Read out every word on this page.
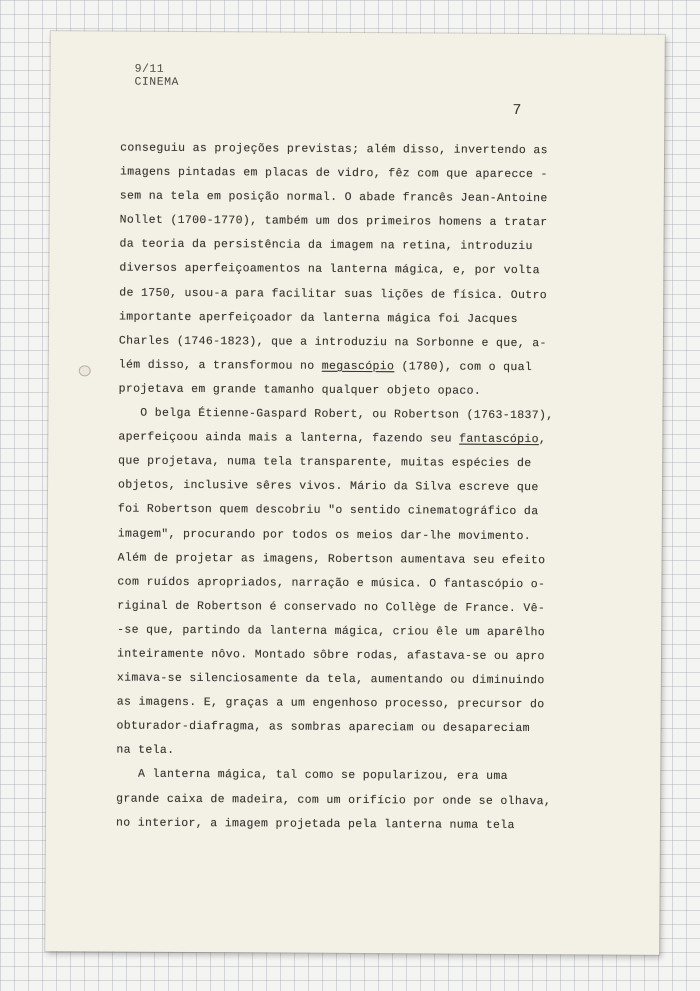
9/11
CINEMA
7
conseguiu as projeções previstas; além disso, invertendo as
imagens pintadas em placas de vidro, fêz com que aparecce -
sem na tela em posição normal. O abade francês Jean-Antoine
Nollet (1700-1770), também um dos primeiros homens a tratar
da teoria da persistência da imagem na retina, introduziu
diversos aperfeiçoamentos na lanterna mágica, e, por volta
de 1750, usou-a para facilitar suas lições de física. Outro
importante aperfeiçoador da lanterna mágica foi Jacques
Charles (1746-1823), que a introduziu na Sorbonne e que, a-
lém disso, a transformou no megascópio (1780), com o qual
projetava em grande tamanho qualquer objeto opaco.
O belga Étienne-Gaspard Robert, ou Robertson (1763-1837),
aperfeiçoou ainda mais a lanterna, fazendo seu fantascópio,
que projetava, numa tela transparente, muitas espécies de
objetos, inclusive sêres vivos. Mário da Silva escreve que
foi Robertson quem descobriu "o sentido cinematográfico da
imagem", procurando por todos os meios dar-lhe movimento.
Além de projetar as imagens, Robertson aumentava seu efeito
com ruídos apropriados, narração e música. O fantascópio o-
riginal de Robertson é conservado no Collège de France. Vê-
-se que, partindo da lanterna mágica, criou êle um aparêlho
inteiramente nôvo. Montado sôbre rodas, afastava-se ou apro
ximava-se silenciosamente da tela, aumentando ou diminuindo
as imagens. E, graças a um engenhoso processo, precursor do
obturador-diafragma, as sombras apareciam ou desapareciam
na tela.
A lanterna mágica, tal como se popularizou, era uma
grande caixa de madeira, com um orifício por onde se olhava,
no interior, a imagem projetada pela lanterna numa tela
